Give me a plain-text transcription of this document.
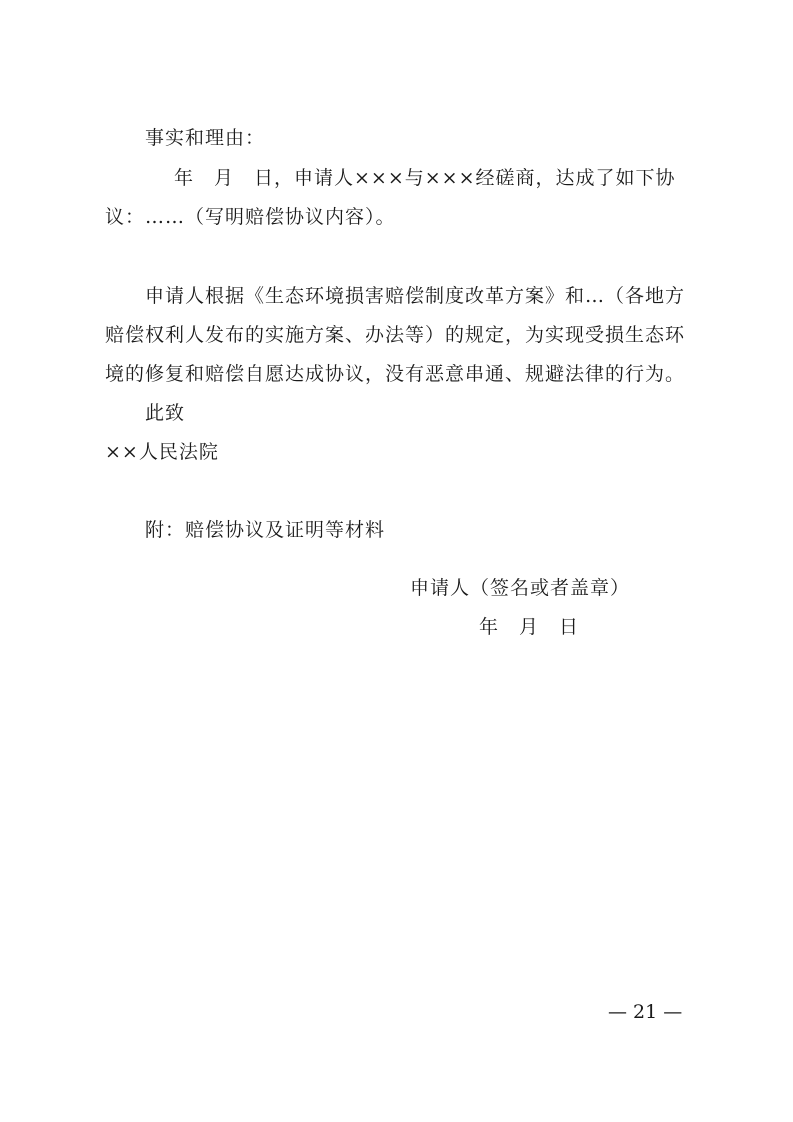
事实和理由：
年　月　日，申请人×××与×××经磋商，达成了如下协
议：……（写明赔偿协议内容）。
申请人根据《生态环境损害赔偿制度改革方案》和…（各地方
赔偿权利人发布的实施方案、办法等）的规定，为实现受损生态环
境的修复和赔偿自愿达成协议，没有恶意串通、规避法律的行为。
此致
××人民法院
附：赔偿协议及证明等材料
申请人（签名或者盖章）
年　月　日
— 21 —
